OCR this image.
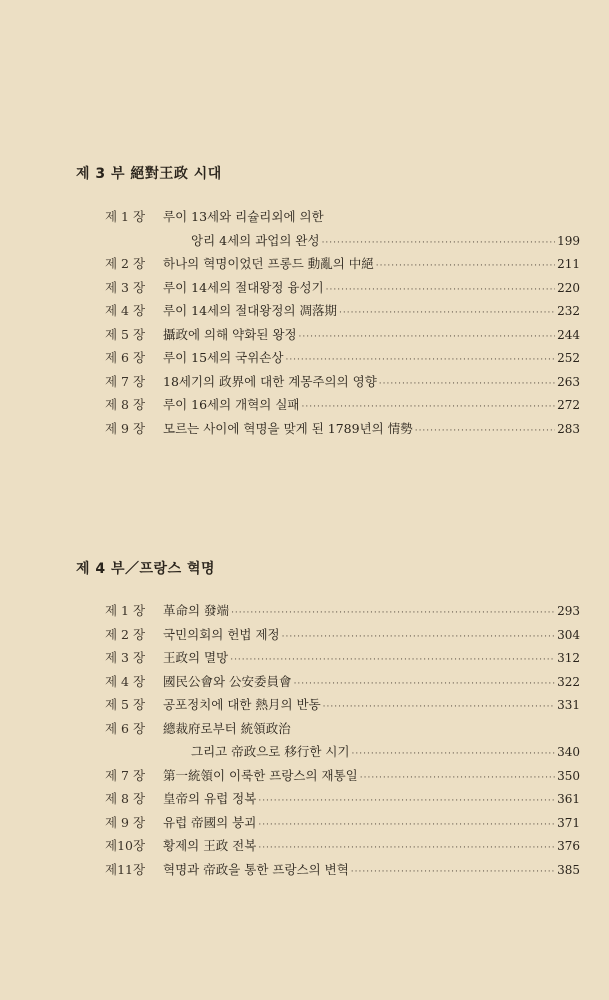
제 3 부 絕對王政 시대
제 1 장	루이 13세와 리슐리외에 의한
앙리 4세의 과업의 완성 ·····	199
제 2 장	하나의 혁명이었던 프롱드 動亂의 中絕 ·····	211
제 3 장	루이 14세의 절대왕정 융성기 ·····	220
제 4 장	루이 14세의 절대왕정의 凋落期 ·····	232
제 5 장	攝政에 의해 약화된 왕정 ·····	244
제 6 장	루이 15세의 국위손상 ·····	252
제 7 장	18세기의 政界에 대한 계몽주의의 영향 ·····	263
제 8 장	루이 16세의 개혁의 실패 ·····	272
제 9 장	모르는 사이에 혁명을 맞게 된 1789년의 情勢 ·····	283
제 4 부／프랑스 혁명
제 1 장	革命의 發端 ·····	293
제 2 장	국민의회의 헌법 제정 ·····	304
제 3 장	王政의 멸망 ·····	312
제 4 장	國民公會와 公安委員會 ·····	322
제 5 장	공포정치에 대한 熱月의 반동 ·····	331
제 6 장	總裁府로부터 統領政治
그리고 帝政으로 移行한 시기 ·····	340
제 7 장	第一統領이 이룩한 프랑스의 재통일 ·····	350
제 8 장	皇帝의 유럽 정복 ·····	361
제 9 장	유럽 帝國의 붕괴 ·····	371
제10장	황제의 王政 전복 ·····	376
제11장	혁명과 帝政을 통한 프랑스의 변혁 ·····	385
